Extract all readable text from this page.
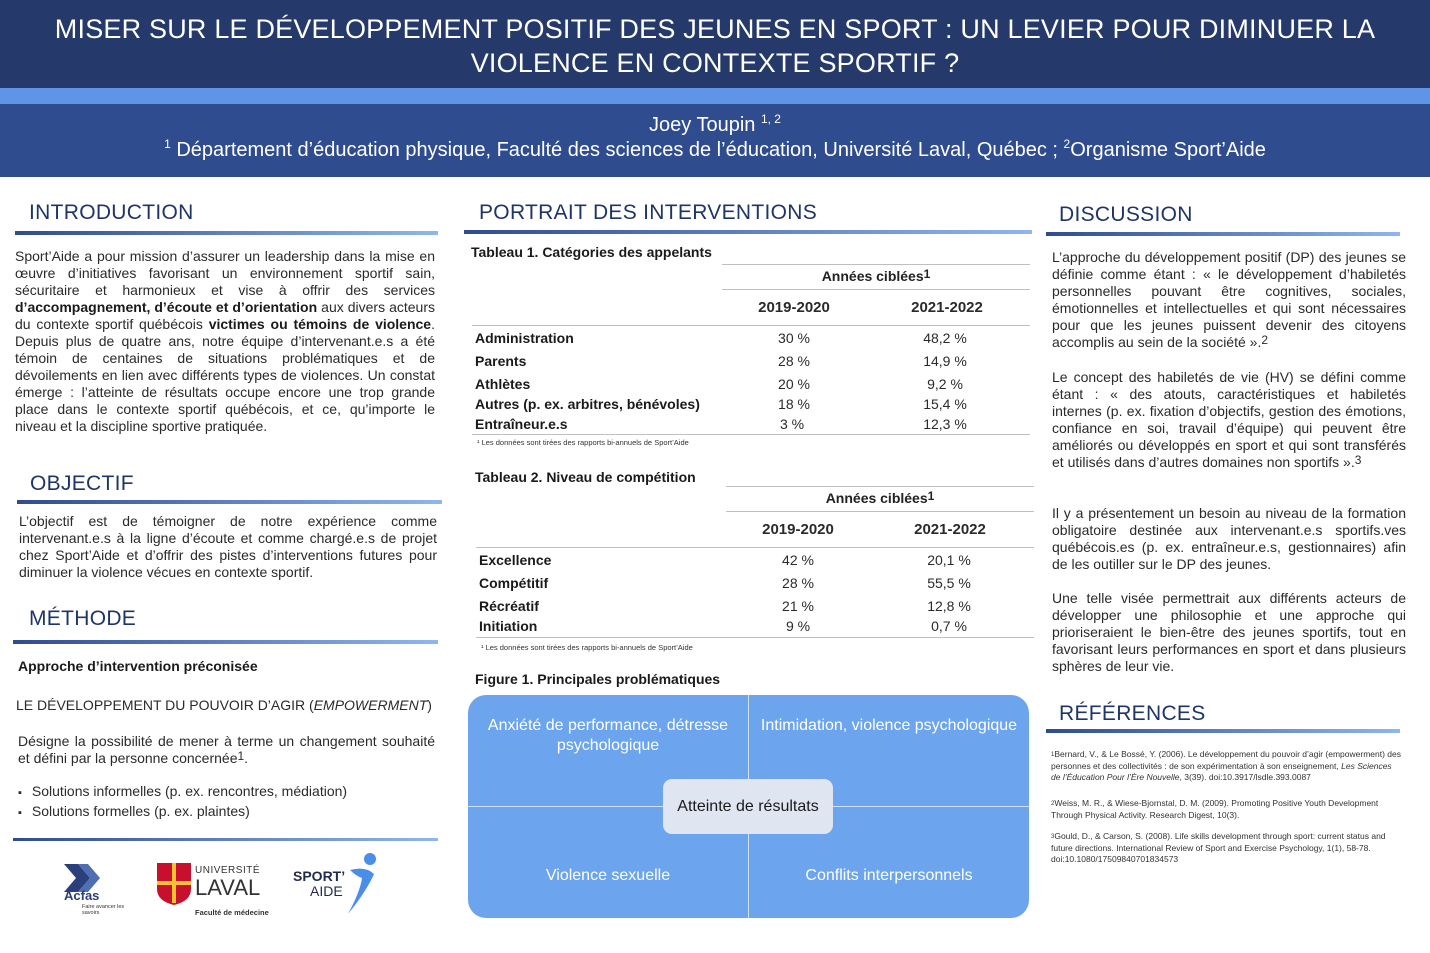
MISER SUR LE DÉVELOPPEMENT POSITIF DES JEUNES EN SPORT : UN LEVIER POUR DIMINUER LA VIOLENCE EN CONTEXTE SPORTIF ?
Joey Toupin $^{1, 2}$
$^1$ Département d’éducation physique, Faculté des sciences de l’éducation, Université Laval, Québec ; $^2$Organisme Sport’Aide
INTRODUCTION
Sport’Aide a pour mission d’assurer un leadership dans la mise en œuvre d’initiatives favorisant un environnement sportif sain, sécuritaire et harmonieux et vise à offrir des services d’accompagnement, d’écoute et d’orientation aux divers acteurs du contexte sportif québécois victimes ou témoins de violence. Depuis plus de quatre ans, notre équipe d’intervenant.e.s a été témoin de centaines de situations problématiques et de dévoilements en lien avec différents types de violences. Un constat émerge : l’atteinte de résultats occupe encore une trop grande place dans le contexte sportif québécois, et ce, qu’importe le niveau et la discipline sportive pratiquée.
OBJECTIF
L’objectif est de témoigner de notre expérience comme intervenant.e.s à la ligne d’écoute et comme chargé.e.s de projet chez Sport’Aide et d’offrir des pistes d’interventions futures pour diminuer la violence vécues en contexte sportif.
MÉTHODE
Approche d’intervention préconisée
LE DÉVELOPPEMENT DU POUVOIR D’AGIR (EMPOWERMENT)
Désigne la possibilité de mener à terme un changement souhaité et défini par la personne concernée$^1$.
▪ Solutions informelles (p. ex. rencontres, médiation)
▪ Solutions formelles (p. ex. plaintes)
Acfas
Faire avancer les savoirs
UNIVERSITÉ
LAVAL
Faculté de médecine
SPORT’
AIDE
PORTRAIT DES INTERVENTIONS
Tableau 1. Catégories des appelants
Années ciblées$^1$
2019-2020	2021-2022
Administration	30 %	48,2 %
Parents	28 %	14,9 %
Athlètes	20 %	9,2 %
Autres (p. ex. arbitres, bénévoles)	18 %	15,4 %
Entraîneur.e.s	3 %	12,3 %
¹ Les données sont tirées des rapports bi-annuels de Sport’Aide
Tableau 2. Niveau de compétition
Années ciblées$^1$
2019-2020	2021-2022
Excellence	42 %	20,1 %
Compétitif	28 %	55,5 %
Récréatif	21 %	12,8 %
Initiation	9 %	0,7 %
¹ Les données sont tirées des rapports bi-annuels de Sport’Aide
Figure 1. Principales problématiques
Anxiété de performance, détresse psychologique
Intimidation, violence psychologique
Violence sexuelle	Conflits interpersonnels
Atteinte de résultats
DISCUSSION
L’approche du développement positif (DP) des jeunes se définie comme étant : « le développement d’habiletés personnelles pouvant être cognitives, sociales, émotionnelles et intellectuelles et qui sont nécessaires pour que les jeunes puissent devenir des citoyens accomplis au sein de la société ».$^2$
Le concept des habiletés de vie (HV) se défini comme étant : « des atouts, caractéristiques et habiletés internes (p. ex. fixation d’objectifs, gestion des émotions, confiance en soi, travail d’équipe) qui peuvent être améliorés ou développés en sport et qui sont transférés et utilisés dans d’autres domaines non sportifs ».$^3$
Il y a présentement un besoin au niveau de la formation obligatoire destinée aux intervenant.e.s sportifs.ves québécois.es (p. ex. entraîneur.e.s, gestionnaires) afin de les outiller sur le DP des jeunes.
Une telle visée permettrait aux différents acteurs de développer une philosophie et une approche qui prioriseraient le bien-être des jeunes sportifs, tout en favorisant leurs performances en sport et dans plusieurs sphères de leur vie.
RÉFÉRENCES
$^1$Bernard, V., & Le Bossé, Y. (2006). Le développement du pouvoir d’agir (empowerment) des personnes et des collectivités : de son expérimentation à son enseignement, Les Sciences de l’Éducation Pour l’Ère Nouvelle, 3(39). doi:10.3917/lsdle.393.0087
$^2$Weiss, M. R., & Wiese-Bjornstal, D. M. (2009). Promoting Positive Youth Development Through Physical Activity. Research Digest, 10(3).
$^3$Gould, D., & Carson, S. (2008). Life skills development through sport: current status and future directions. International Review of Sport and Exercise Psychology, 1(1), 58-78. doi:10.1080/17509840701834573
